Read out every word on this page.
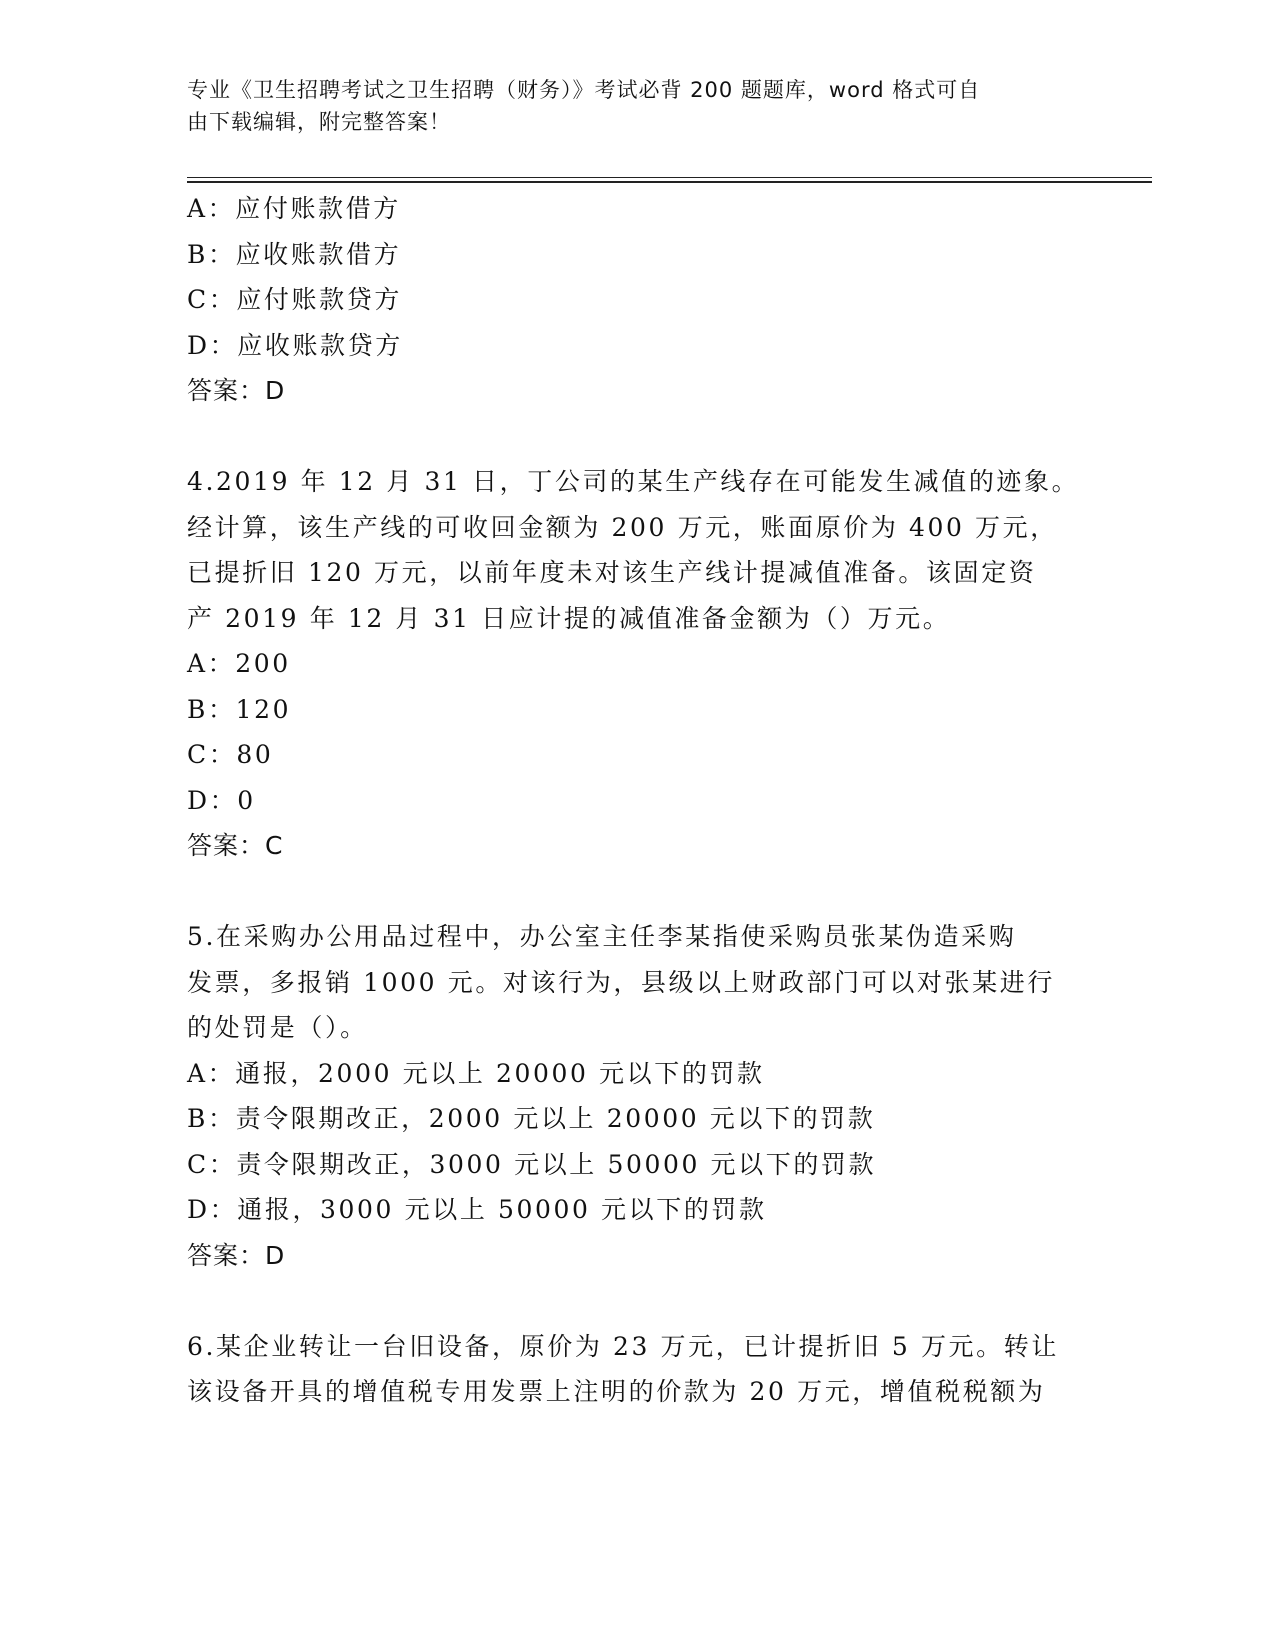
专业《卫生招聘考试之卫生招聘（财务）》考试必背 200 题题库，word 格式可自
由下载编辑，附完整答案！
A：应付账款借方
B：应收账款借方
C：应付账款贷方
D：应收账款贷方
答案：D
4.2019 年 12 月 31 日，丁公司的某生产线存在可能发生减值的迹象。
经计算，该生产线的可收回金额为 200 万元，账面原价为 400 万元，
已提折旧 120 万元，以前年度未对该生产线计提减值准备。该固定资
产 2019 年 12 月 31 日应计提的减值准备金额为（）万元。
A：200
B：120
C：80
D：0
答案：C
5.在采购办公用品过程中，办公室主任李某指使采购员张某伪造采购
发票，多报销 1000 元。对该行为，县级以上财政部门可以对张某进行
的处罚是（）。
A：通报，2000 元以上 20000 元以下的罚款
B：责令限期改正，2000 元以上 20000 元以下的罚款
C：责令限期改正，3000 元以上 50000 元以下的罚款
D：通报，3000 元以上 50000 元以下的罚款
答案：D
6.某企业转让一台旧设备，原价为 23 万元，已计提折旧 5 万元。转让
该设备开具的增值税专用发票上注明的价款为 20 万元，增值税税额为
